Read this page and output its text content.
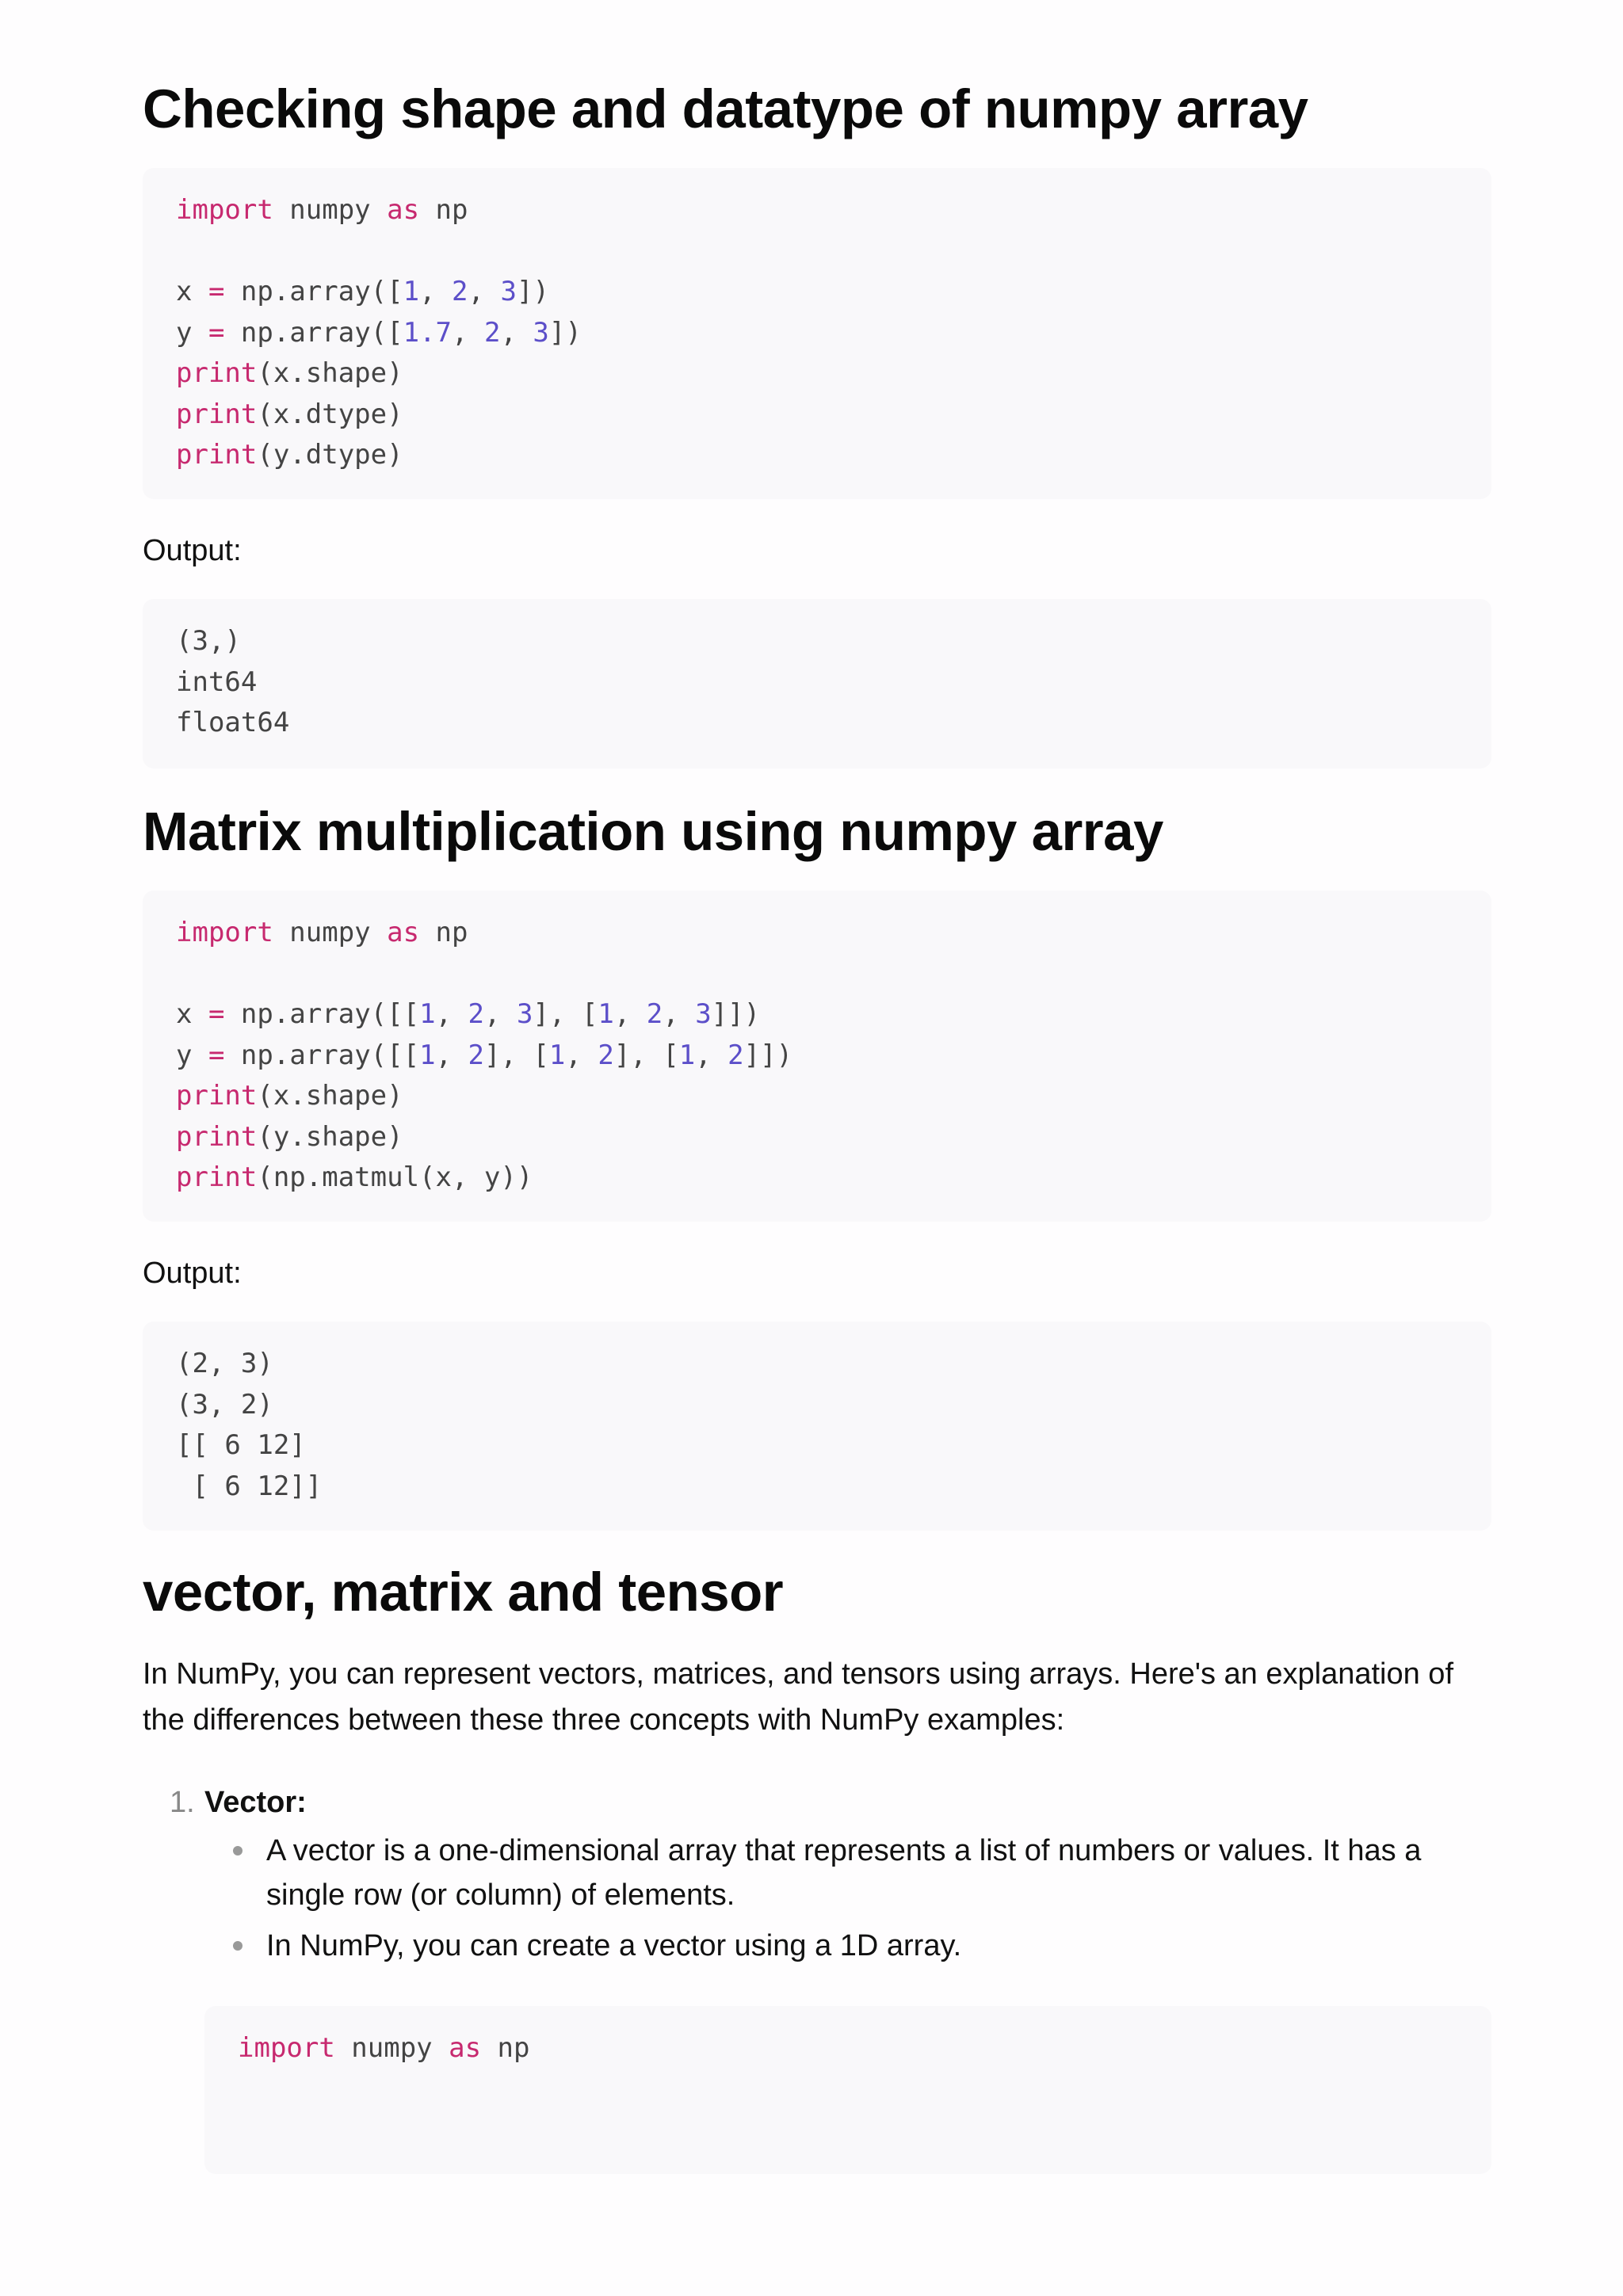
Checking shape and datatype of numpy array
import numpy as np

x = np.array([1, 2, 3])
y = np.array([1.7, 2, 3])
print(x.shape)
print(x.dtype)
print(y.dtype)
Output:
(3,)
int64
float64
Matrix multiplication using numpy array
import numpy as np

x = np.array([[1, 2, 3], [1, 2, 3]])
y = np.array([[1, 2], [1, 2], [1, 2]])
print(x.shape)
print(y.shape)
print(np.matmul(x, y))
Output:
(2, 3)
(3, 2)
[[ 6 12]
[ 6 12]]
vector, matrix and tensor

In NumPy, you can represent vectors, matrices, and tensors using arrays. Here's an explanation of the differences between these three concepts with NumPy examples:

1. Vector:
A vector is a one-dimensional array that represents a list of numbers or values. It has a single row (or column) of elements.
In NumPy, you can create a vector using a 1D array.
import numpy as np
